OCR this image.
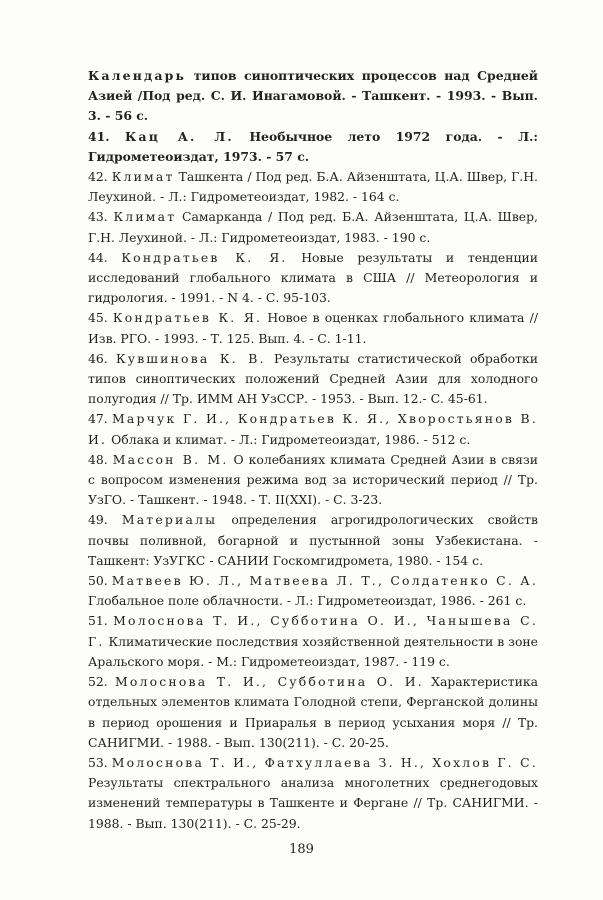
Календарь типов синоптических процессов над Средней Азией /Под ред. С. И. Инагамовой. - Ташкент. - 1993. - Вып. 3. - 56 с.

41. Кац А. Л. Необычное лето 1972 года. - Л.: Гидрометеоиздат, 1973. - 57 с.

42. Климат Ташкента / Под ред. Б.А. Айзенштата, Ц.А. Швер, Г.Н. Леухиной. - Л.: Гидрометеоиздат, 1982. - 164 с.

43. Климат Самарканда / Под ред. Б.А. Айзенштата, Ц.А. Швер, Г.Н. Леухиной. - Л.: Гидрометеоиздат, 1983. - 190 с.

44. Кондратьев К. Я. Новые результаты и тенденции исследований глобального климата в США // Метеорология и гидрология. - 1991. - N 4. - С. 95-103.

45. Кондратьев К. Я. Новое в оценках глобального климата // Изв. РГО. - 1993. - Т. 125. Вып. 4. - С. 1-11.

46. Кувшинова К. В. Результаты статистической обработки типов синоптических положений Средней Азии для холодного полугодия // Тр. ИММ АН УзССР. - 1953. - Вып. 12.- С. 45-61.

47. Марчук Г. И., Кондратьев К. Я., Хворостьянов В. И. Облака и климат. - Л.: Гидрометеоиздат, 1986. - 512 с.

48. Массон В. М. О колебаниях климата Средней Азии в связи с вопросом изменения режима вод за исторический период // Тр. УзГО. - Ташкент. - 1948. - Т. II(XXI). - С. 3-23.

49. Материалы определения агрогидрологических свойств почвы поливной, богарной и пустынной зоны Узбекистана. - Ташкент: УзУГКС - САНИИ Госкомгидромета, 1980. - 154 с.

50. Матвеев Ю. Л., Матвеева Л. Т., Солдатенко С. А. Глобальное поле облачности. - Л.: Гидрометеоиздат, 1986. - 261 с.

51. Молоснова Т. И., Субботина О. И., Чанышева С. Г. Климатические последствия хозяйственной деятельности в зоне Аральского моря. - М.: Гидрометеоиздат, 1987. - 119 с.

52. Молоснова Т. И., Субботина О. И. Характеристика отдельных элементов климата Голодной степи, Ферганской долины в период орошения и Приаралья в период усыхания моря // Тр. САНИГМИ. - 1988. - Вып. 130(211). - С. 20-25.

53. Молоснова Т. И., Фатхуллаева З. Н., Хохлов Г. С. Результаты спектрального анализа многолетних среднегодовых изменений температуры в Ташкенте и Фергане // Тр. САНИГМИ. - 1988. - Вып. 130(211). - С. 25-29.

189
